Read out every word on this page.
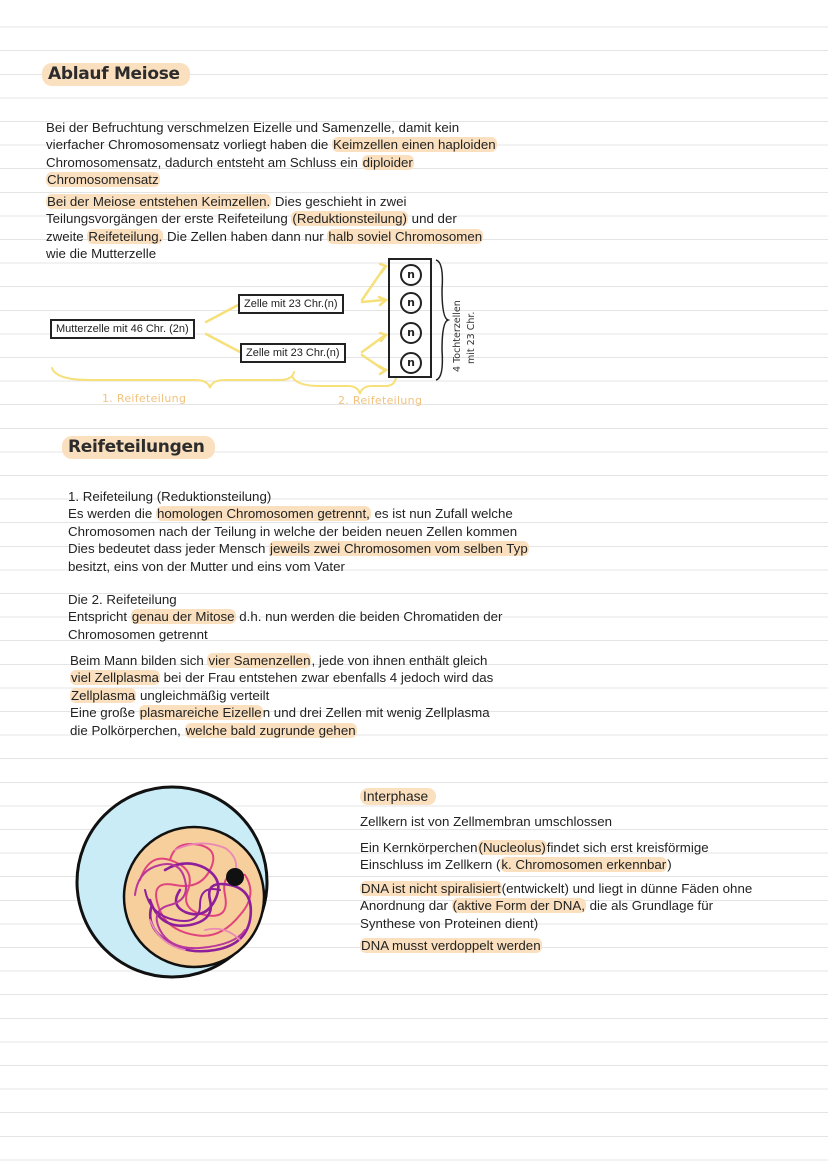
Ablauf Meiose
Bei der Befruchtung verschmelzen Eizelle und Samenzelle, damit kein
vierfacher Chromosomensatz vorliegt haben die Keimzellen einen haploiden
Chromosomensatz, dadurch entsteht am Schluss ein diploider
Chromosomensatz
Bei der Meiose entstehen Keimzellen. Dies geschieht in zwei
Teilungsvorgängen der erste Reifeteilung (Reduktionsteilung) und der
zweite Reifeteilung. Die Zellen haben dann nur halb soviel Chromosomen
wie die Mutterzelle
Mutterzelle mit 46 Chr. (2n)
Zelle mit 23 Chr.(n)
Zelle mit 23 Chr.(n)
n
n
n
n	4 Tochterzellen mit 23 Chr.
1. Reifeteilung	2. Reifeteilung
Reifeteilungen
1. Reifeteilung (Reduktionsteilung)
Es werden die homologen Chromosomen getrennt, es ist nun Zufall welche
Chromosomen nach der Teilung in welche der beiden neuen Zellen kommen
Dies bedeutet dass jeder Mensch jeweils zwei Chromosomen vom selben Typ
besitzt, eins von der Mutter und eins vom Vater
Die 2. Reifeteilung
Entspricht genau der Mitose d.h. nun werden die beiden Chromatiden der
Chromosomen getrennt
Beim Mann bilden sich vier Samenzellen, jede von ihnen enthält gleich
viel Zellplasma bei der Frau entstehen zwar ebenfalls 4 jedoch wird das
Zellplasma ungleichmäßig verteilt
Eine große plasmareiche Eizellen und drei Zellen mit wenig Zellplasma
die Polkörperchen, welche bald zugrunde gehen
Interphase
Zellkern ist von Zellmembran umschlossen
Ein Kernkörperchen(Nucleolus)findet sich erst kreisförmige
Einschluss im Zellkern (k. Chromosomen erkennbar)
DNA ist nicht spiralisiert(entwickelt) und liegt in dünne Fäden ohne
Anordnung dar (aktive Form der DNA, die als Grundlage für
Synthese von Proteinen dient)
DNA musst verdoppelt werden
